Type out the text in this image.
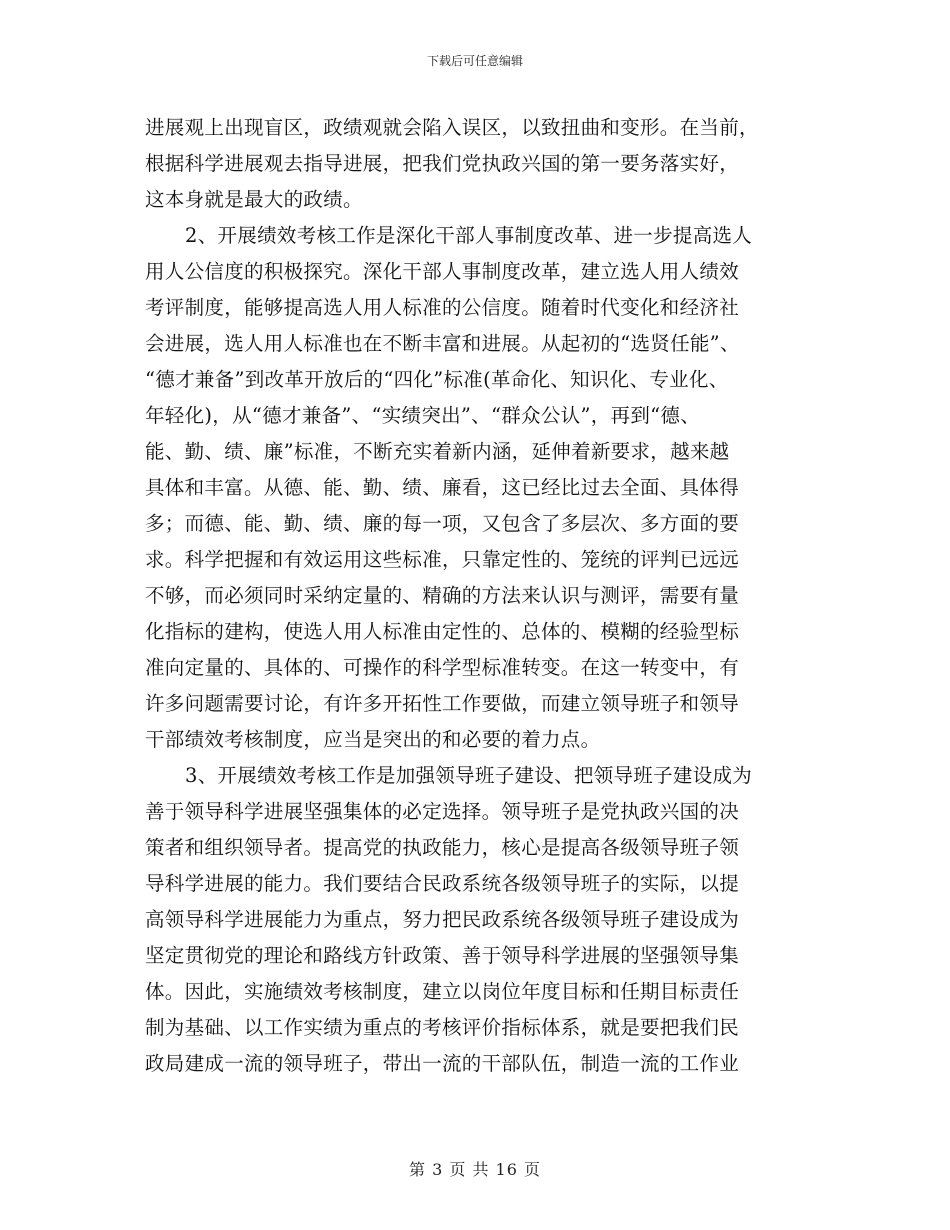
下载后可任意编辑
进展观上出现盲区，政绩观就会陷入误区，以致扭曲和变形。在当前，
根据科学进展观去指导进展，把我们党执政兴国的第一要务落实好，
这本身就是最大的政绩。
2、开展绩效考核工作是深化干部人事制度改革、进一步提高选人
用人公信度的积极探究。深化干部人事制度改革，建立选人用人绩效
考评制度，能够提高选人用人标准的公信度。随着时代变化和经济社
会进展，选人用人标准也在不断丰富和进展。从起初的“选贤任能”、
“德才兼备”到改革开放后的“四化”标准(革命化、知识化、专业化、
年轻化)，从“德才兼备”、“实绩突出”、“群众公认”，再到“德、
能、勤、绩、廉”标准，不断充实着新内涵，延伸着新要求，越来越
具体和丰富。从德、能、勤、绩、廉看，这已经比过去全面、具体得
多；而德、能、勤、绩、廉的每一项，又包含了多层次、多方面的要
求。科学把握和有效运用这些标准，只靠定性的、笼统的评判已远远
不够，而必须同时采纳定量的、精确的方法来认识与测评，需要有量
化指标的建构，使选人用人标准由定性的、总体的、模糊的经验型标
准向定量的、具体的、可操作的科学型标准转变。在这一转变中，有
许多问题需要讨论，有许多开拓性工作要做，而建立领导班子和领导
干部绩效考核制度，应当是突出的和必要的着力点。
3、开展绩效考核工作是加强领导班子建设、把领导班子建设成为
善于领导科学进展坚强集体的必定选择。领导班子是党执政兴国的决
策者和组织领导者。提高党的执政能力，核心是提高各级领导班子领
导科学进展的能力。我们要结合民政系统各级领导班子的实际，以提
高领导科学进展能力为重点，努力把民政系统各级领导班子建设成为
坚定贯彻党的理论和路线方针政策、善于领导科学进展的坚强领导集
体。因此，实施绩效考核制度，建立以岗位年度目标和任期目标责任
制为基础、以工作实绩为重点的考核评价指标体系，就是要把我们民
政局建成一流的领导班子，带出一流的干部队伍，制造一流的工作业
第 3 页 共 16 页
